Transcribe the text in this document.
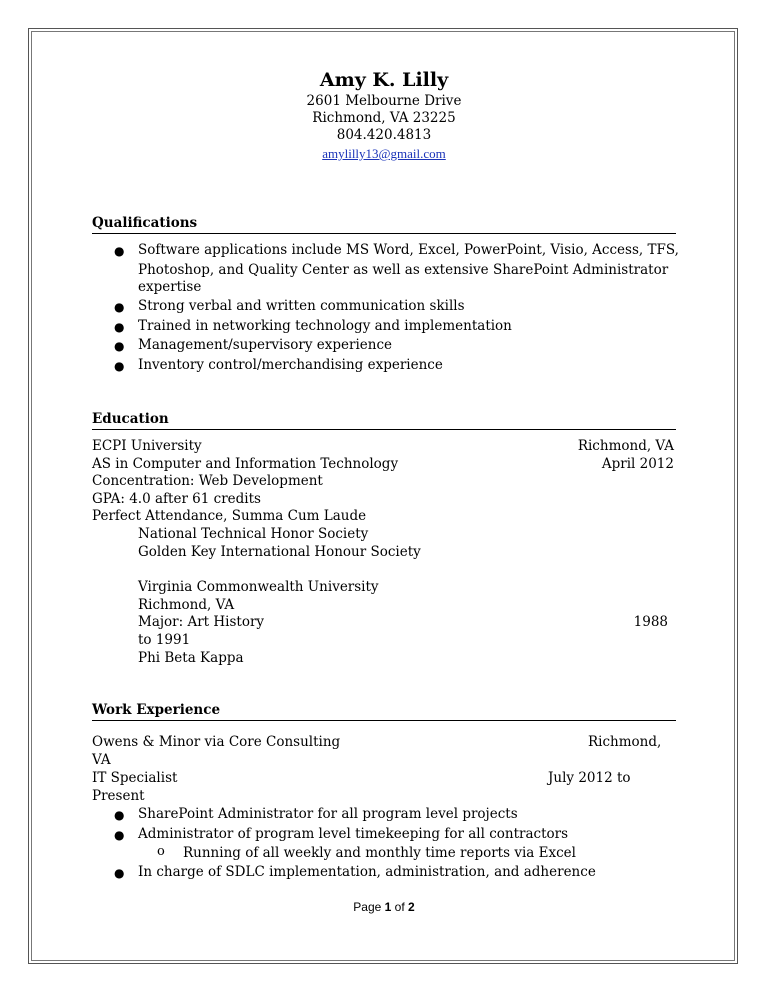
Amy K. Lilly
2601 Melbourne Drive
Richmond, VA 23225
804.420.4813
amylilly13@gmail.com
Qualifications
● Software applications include MS Word, Excel, PowerPoint, Visio, Access, TFS,
Photoshop, and Quality Center as well as extensive SharePoint Administrator
expertise
● Strong verbal and written communication skills
● Trained in networking technology and implementation
● Management/supervisory experience
● Inventory control/merchandising experience
Education
ECPI University	Richmond, VA
AS in Computer and Information Technology	April 2012
Concentration: Web Development
GPA: 4.0 after 61 credits
Perfect Attendance, Summa Cum Laude
National Technical Honor Society
Golden Key International Honour Society
Virginia Commonwealth University
Richmond, VA
Major: Art History	1988
to 1991
Phi Beta Kappa
Work Experience
Owens & Minor via Core Consulting	Richmond,
VA
IT Specialist	July 2012 to
Present
● SharePoint Administrator for all program level projects
● Administrator of program level timekeeping for all contractors
o Running of all weekly and monthly time reports via Excel
● In charge of SDLC implementation, administration, and adherence
Page 1 of 2
